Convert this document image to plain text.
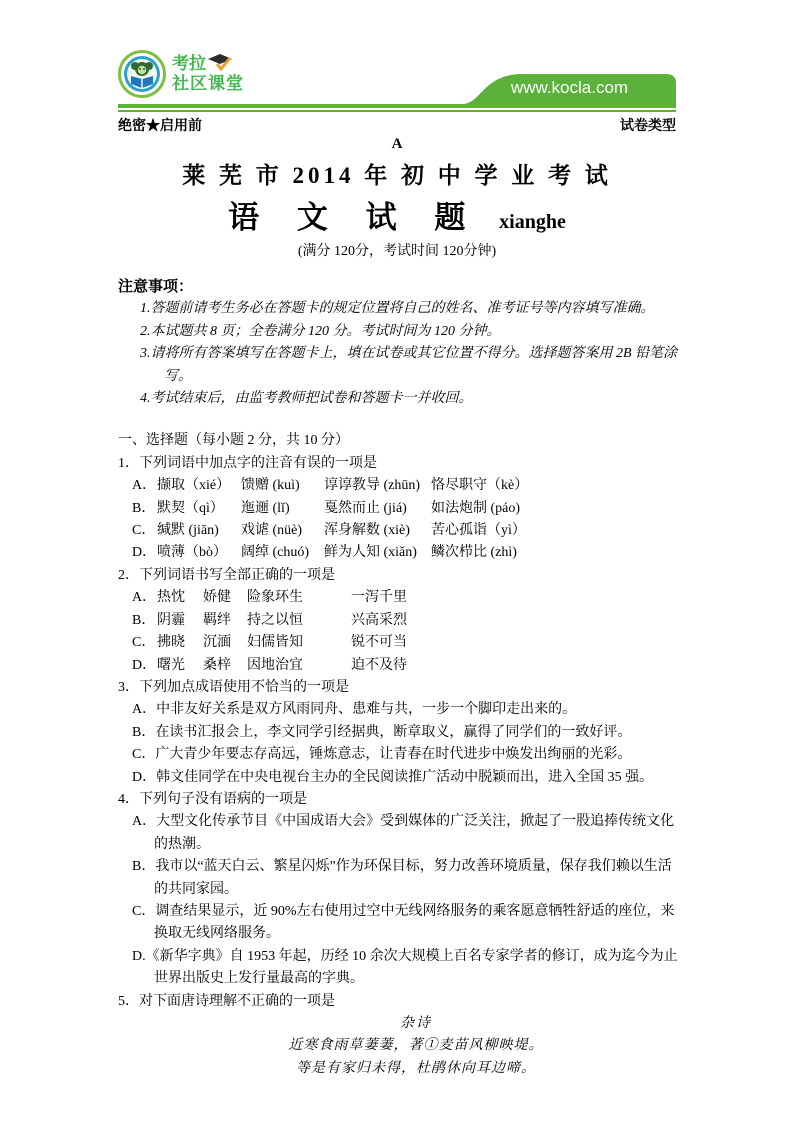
考拉
社区课堂	www.kocla.com
绝密★启用前	试卷类型
A
莱 芜 市 2014 年 初 中 学 业 考 试
语 文 试 题 xianghe
(满分 120分，考试时间 120分钟)
注意事项：
1.答题前请考生务必在答题卡的规定位置将自己的姓名、准考证号等内容填写准确。
2.本试题共 8 页；全卷满分 120 分。考试时间为 120 分钟。
3.请将所有答案填写在答题卡上，填在试卷或其它位置不得分。选择题答案用 2B 铅笔涂写。
4.考试结束后，由监考教师把试卷和答题卡一并收回。
一、选择题（每小题 2 分，共 10 分）
1．下列词语中加点字的注音有误的一项是
A． 撷取（xié） 馈赠 (kuì)	谆谆教导 (zhūn) 恪尽职守（kè）
B． 默契（qì）	迤逦 (lǐ)	戛然而止 (jiá)	如法炮制 (páo)
C． 缄默 (jiān)	戏谑 (nüè)	浑身解数 (xiè)	苦心孤诣（yì）
D． 喷薄（bò）	阔绰 (chuó)	鲜为人知 (xiǎn)	鳞次栉比 (zhì)
2．下列词语书写全部正确的一项是
A． 热忱	娇健	险象环生	一泻千里
B． 阴霾	羁绊	持之以恒	兴高采烈
C． 拂晓	沉湎	妇儒皆知	锐不可当
D． 曙光	桑梓	因地治宜	迫不及待
3．下列加点成语使用不恰当的一项是
A．中非友好关系是双方风雨同舟、患难与共，一步一个脚印走出来的。
B．在读书汇报会上，李文同学引经据典，断章取义，赢得了同学们的一致好评。
C．广大青少年要志存高远，锤炼意志，让青春在时代进步中焕发出绚丽的光彩。
D．韩文佳同学在中央电视台主办的全民阅读推广活动中脱颖而出，进入全国 35 强。
4．下列句子没有语病的一项是
A．大型文化传承节目《中国成语大会》受到媒体的广泛关注，掀起了一股追捧传统文化的热潮。
B．我市以“蓝天白云、繁星闪烁”作为环保目标，努力改善环境质量，保存我们赖以生活的共同家园。
C．调查结果显示，近 90%左右使用过空中无线网络服务的乘客愿意牺牲舒适的座位，来换取无线网络服务。
D.《新华字典》自 1953 年起，历经 10 余次大规模上百名专家学者的修订，成为迄今为止世界出版史上发行量最高的字典。
5．对下面唐诗理解不正确的一项是
杂诗
近寒食雨草萋萋，著①麦苗风柳映堤。
等是有家归未得，杜鹃休向耳边啼。
